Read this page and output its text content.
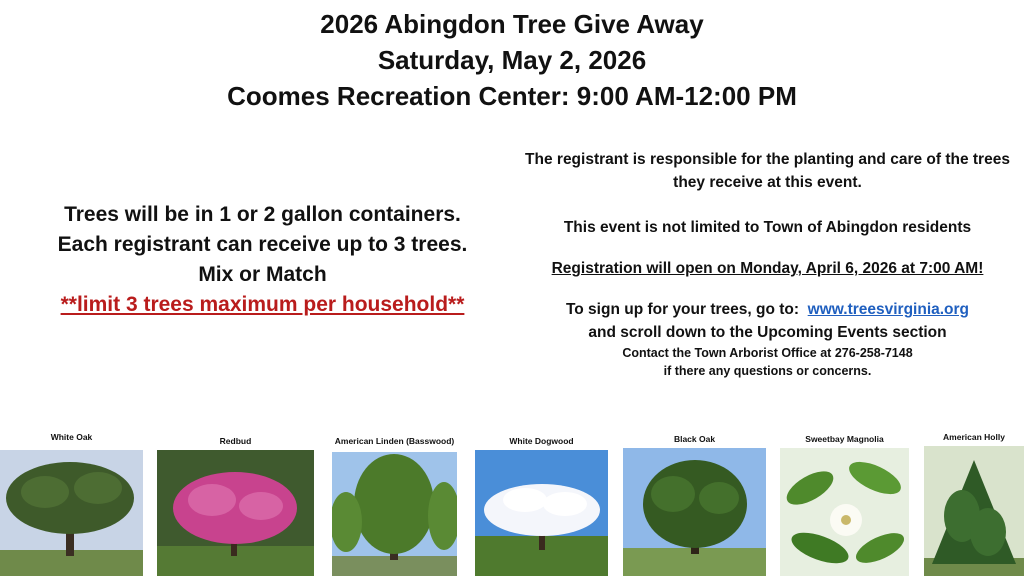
2026 Abingdon Tree Give Away
Saturday, May 2, 2026
Coomes Recreation Center: 9:00 AM-12:00 PM
Trees will be in 1 or 2 gallon containers.
Each registrant can receive up to 3 trees.
Mix or Match
**limit 3 trees maximum per household**
The registrant is responsible for the planting and care of the trees they receive at this event.
This event is not limited to Town of Abingdon residents
Registration will open on Monday, April 6, 2026 at 7:00 AM!
To sign up for your trees, go to: www.treesvirginia.org
and scroll down to the Upcoming Events section
Contact the Town Arborist Office at 276-258-7148
if there any questions or concerns.
White Oak	Redbud	American Linden (Basswood)	White Dogwood	Black Oak	Sweetbay Magnolia	American Holly
